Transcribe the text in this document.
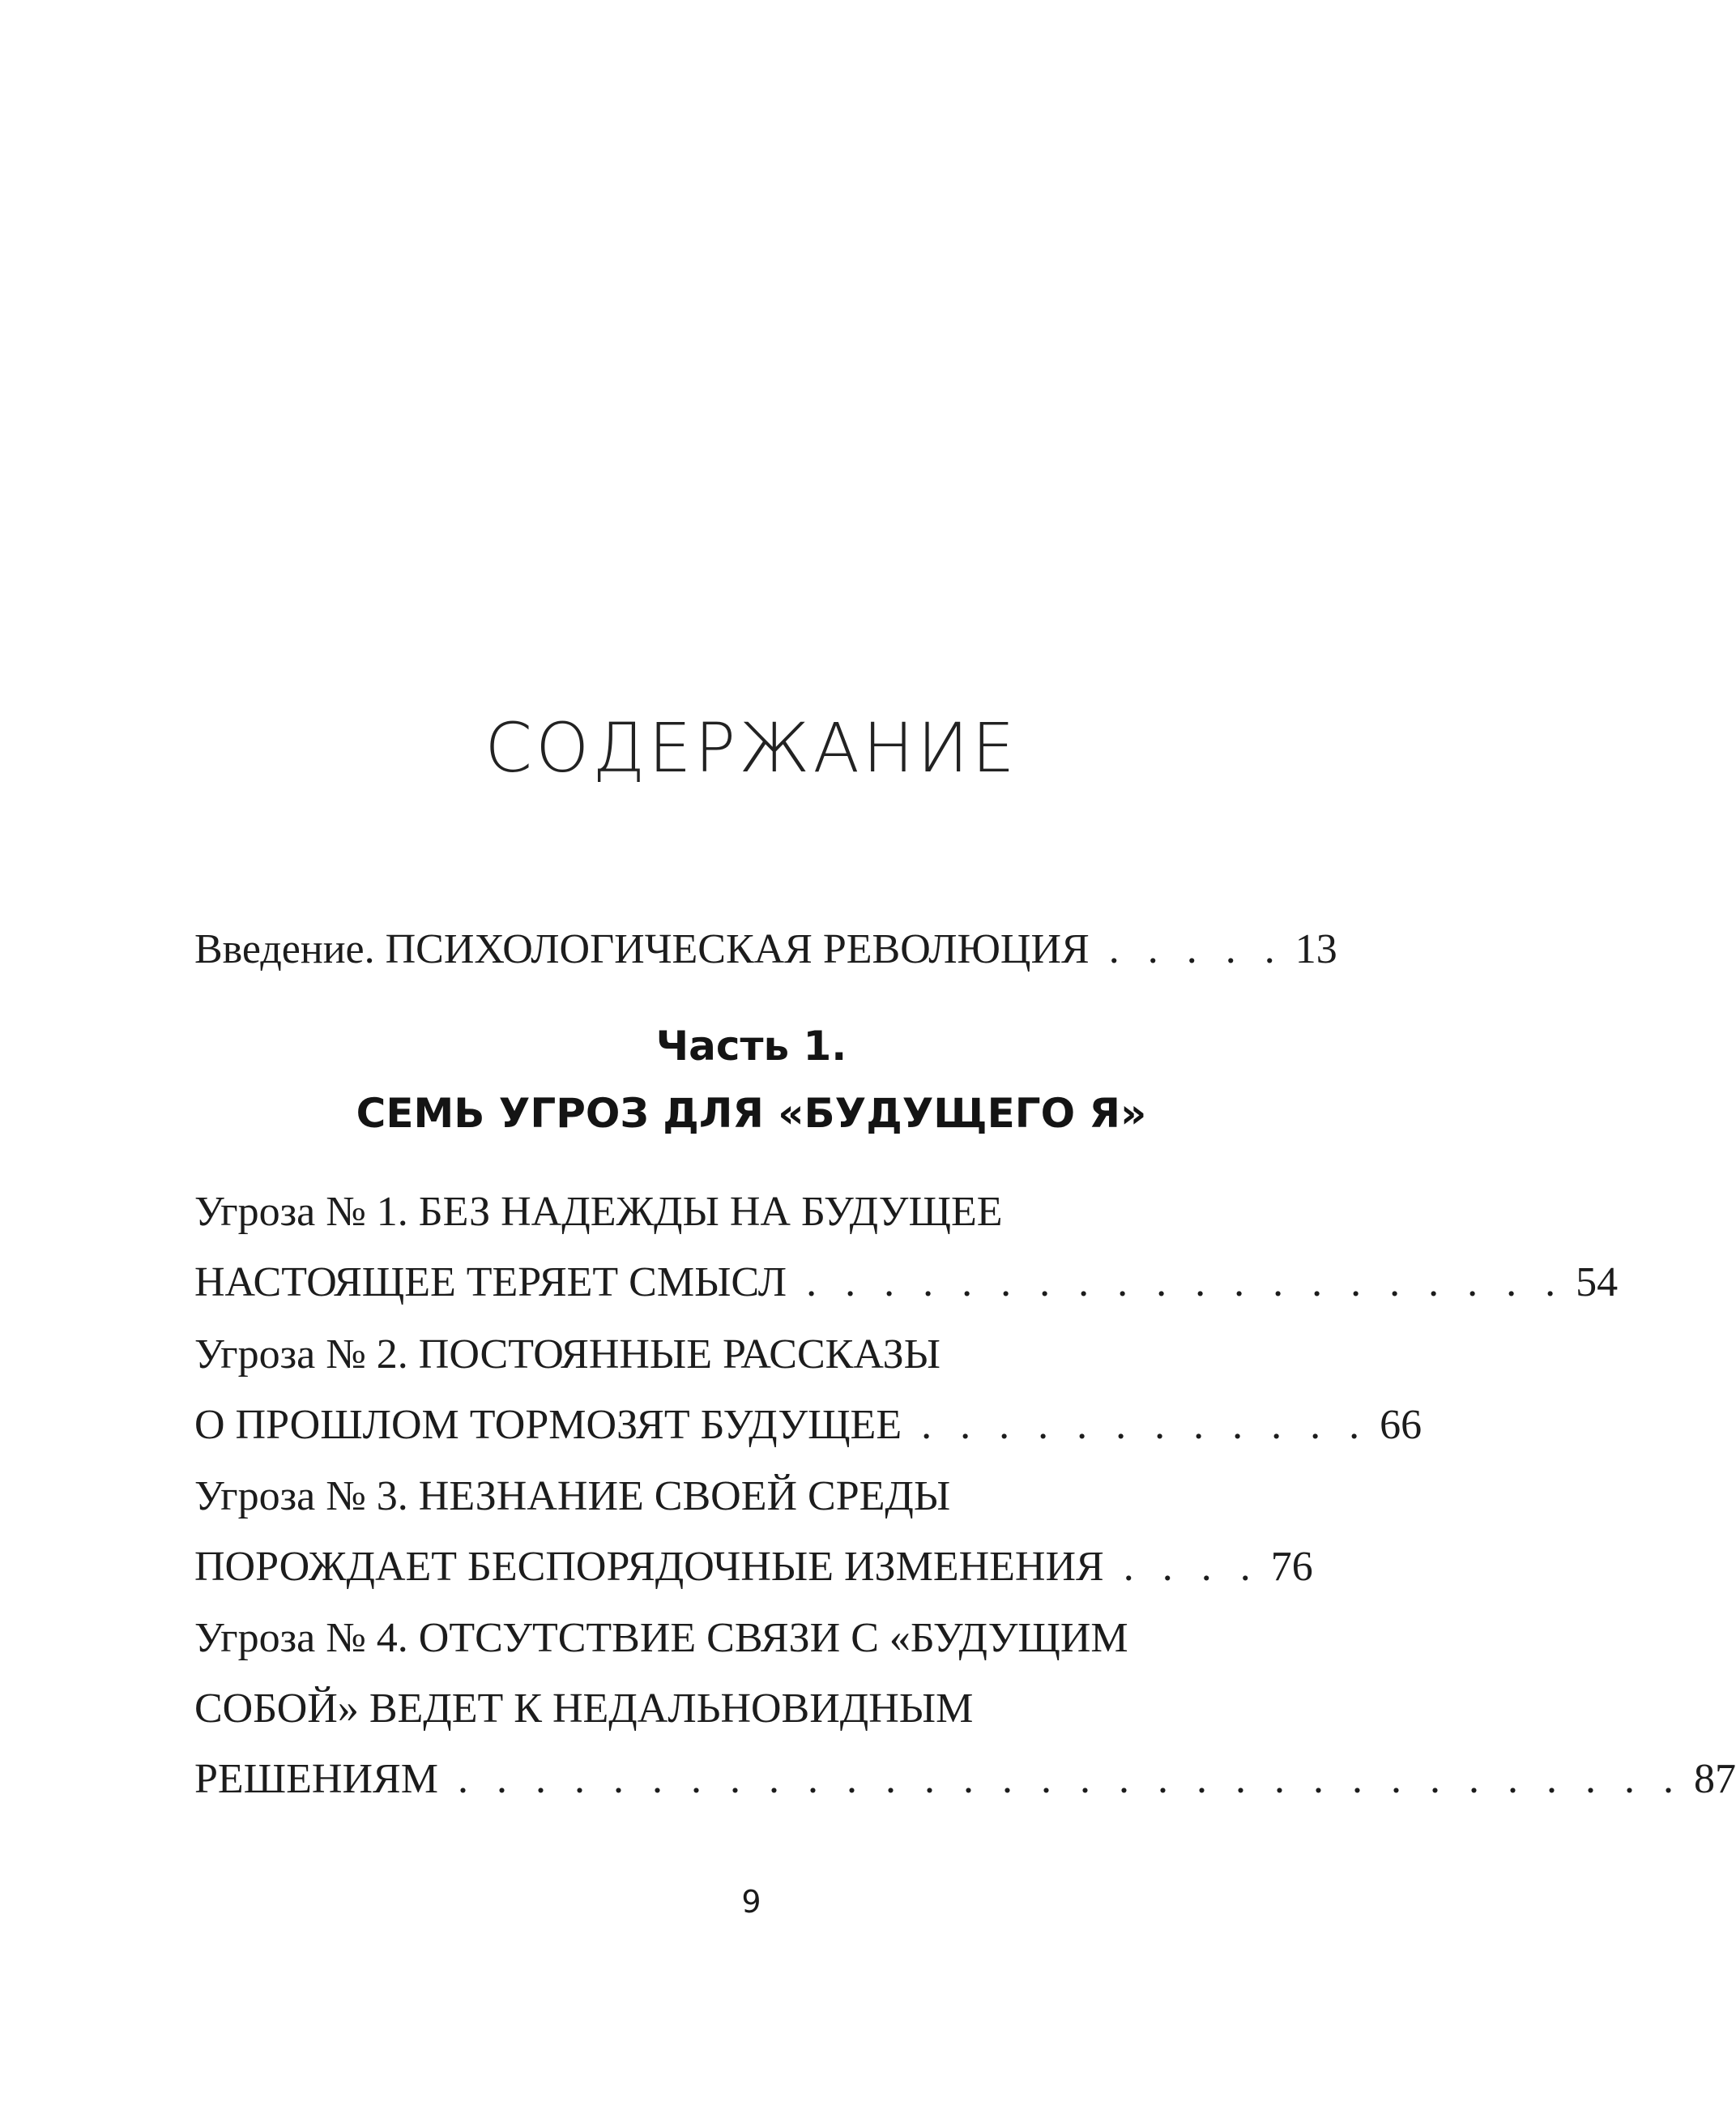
СОДЕРЖАНИЕ
Введение. ПСИХОЛОГИЧЕСКАЯ РЕВОЛЮЦИЯ . . . . . 13
Угроза № 1. БЕЗ НАДЕЖДЫ НА БУДУЩЕЕ
НАСТОЯЩЕЕ ТЕРЯЕТ СМЫСЛ . . . . . . . . . . . . . . . . . . . . 54
Угроза № 2. ПОСТОЯННЫЕ РАССКАЗЫ
О ПРОШЛОМ ТОРМОЗЯТ БУДУЩЕЕ . . . . . . . . . . . . 66
Угроза № 3. НЕЗНАНИЕ СВОЕЙ СРЕДЫ
ПОРОЖДАЕТ БЕСПОРЯДОЧНЫЕ ИЗМЕНЕНИЯ . . . . 76
Угроза № 4. ОТСУТСТВИЕ СВЯЗИ С «БУДУЩИМ
СОБОЙ» ВЕДЕТ К НЕДАЛЬНОВИДНЫМ
РЕШЕНИЯМ . . . . . . . . . . . . . . . . . . . . . . . . . . . . . . . . 87
Часть 1.
СЕМЬ УГРОЗ ДЛЯ «БУДУЩЕГО Я»
9
